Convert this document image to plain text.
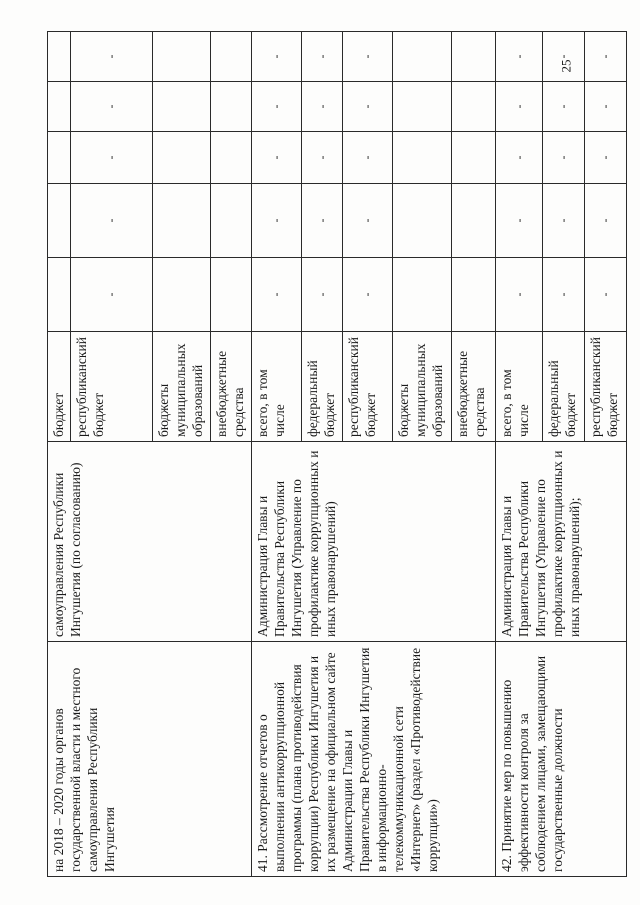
на 2018 – 2020 годы органов государственной власти и местного самоуправления Республики Ингушетия	самоуправления Республики Ингушетия (по согласованию)	бюджет					
		республиканский бюджет	-	-	-	-	-
		бюджеты муниципальных образований					
		внебюджетные средства					
41. Рассмотрение отчетов о выполнении антикоррупционной программы (плана противодействия коррупции) Республики Ингушетия и их размещение на официальном сайте Администрации Главы и Правительства Республики Ингушетия в информационно-телекоммуникационной сети «Интернет» (раздел «Противодействие коррупции»)	Администрация Главы и Правительства Республики Ингушетия (Управление по профилактике коррупционных и иных правонарушений)	всего, в том числе	-	-	-	-	-
		федеральный бюджет	-	-	-	-	-
		республиканский бюджет	-	-	-	-	-
		бюджеты муниципальных образований					
		внебюджетные средства					
42. Принятие мер по повышению эффективности контроля за соблюдением лицами, замещающими государственные должности	Администрация Главы и Правительства Республики Ингушетия (Управление по профилактике коррупционных и иных правонарушений);	всего, в том числе	-	-	-	-	-
		федеральный бюджет	-	-	-	-	-
		республиканский бюджет	-	-	-	-	-
25
